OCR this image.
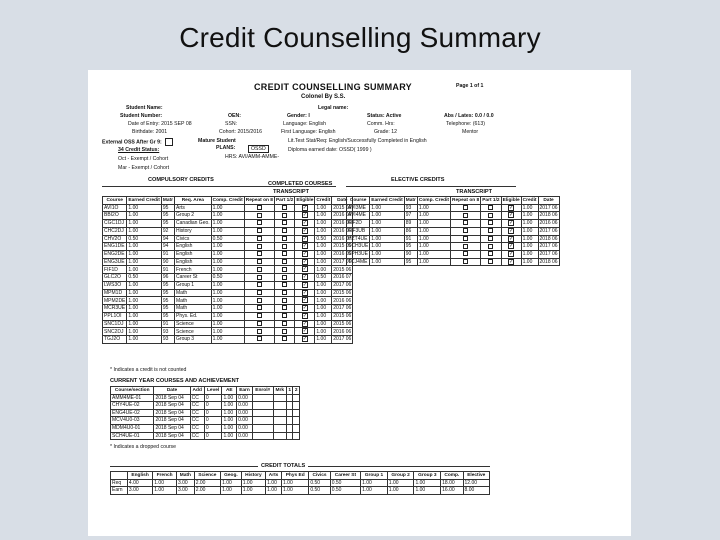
Credit Counselling Summary
CREDIT COUNSELLING SUMMARY
Colonel By S.S.
Page 1 of 1
Student Name:
Student Number:
Date of Entry: 2015 SEP 08
Birthdate: 2001
External OSS After Gr 9:
34 Credit Status:
Oct - Exempt / Cohort
Mar - Exempt / Cohort
OEN:
SSN:
Cohort: 2015/2016
Mature Student
PLANS:	OSSD
HRS: AVI/AMM-AMME-
Legal name:
Gender: I
Language: English
First Language: English
Status: Active
Comm. Hrs:
Grade: 12
Abs / Lates: 0.0 / 0.0
Telephone: (613)
Mentor
Lit.Test Stat/Req: English/Successfully Completed in English
Diploma earned date: OSSD( 1999 )
COMPULSORY CREDITS
COMPLETED COURSES
TRANSCRIPT
Course	Earned Credit	Matr	Req. Area	Comp. Credit	Repeat on 8	Part 1/2	Eligible	Credit	Date
AVI1O	1.00	95	Arts	1.00			✓	1.00	2015 06
BBI2O	1.00	95	Group 2	1.00			✓	1.00	2016 06
CGC1DJ	1.00	95	Canadian Geo.	1.00			✓	1.00	2016 06
CHC2DJ	1.00	92	History	1.00			✓	1.00	2016 06
CHV2O	0.50	94	Civics	0.50			✓	0.50	2016 07
ENG1DE	1.00	94	English	1.00			✓	1.00	2015 06
ENG2DE	1.00	91	English	1.00			✓	1.00	2016 06
ENG3UE	1.00	90	English	1.00			✓	1.00	2017 06
FIF1D	1.00	91	French	1.00			✓	1.00	2015 06
GLC2O	0.50	96	Career St	0.50			✓	0.50	2016 07
LWS3O	1.00	95	Group 1	1.00			✓	1.00	2017 06
MPM1D	1.00	95	Math	1.00			✓	1.00	2015 06
MPM2DE	1.00	95	Math	1.00			✓	1.00	2016 06
MCR3UE	1.00	95	Math	1.00			✓	1.00	2017 06
PPL1OI	1.00	95	Phys. Ed.	1.00			✓	1.00	2015 06
SNC1DJ	1.00	91	Science	1.00			✓	1.00	2015 06
SNC2DJ	1.00	93	Science	1.00			✓	1.00	2016 06
TGJ2O	1.00	93	Group 3	1.00			✓	1.00	2017 06
* Indicates a credit is not counted
ELECTIVE CREDITS
TRANSCRIPT
Course	Earned Credit	Matr	Comp. Credit	Repeat on 8	Part 1/2	Eligible	Credit	Date
AVI3ME	1.00	93	1.00			✓	1.00	2017 06
AVI4ME	1.00	97	1.00			✓	1.00	2018 06
FIF2D	1.00	89	1.00			✓	1.00	2016 06
FIF3UB	1.00	86	1.00			✓	1.00	2017 06
HZT4UE	1.00	91	1.00			✓	1.00	2018 06
SCH3UE	1.00	95	1.00			✓	1.00	2017 06
SPH3UE	1.00	90	1.00			✓	1.00	2017 06
TCJ4ME	1.00	95	1.00			✓	1.00	2018 06
CURRENT YEAR COURSES AND ACHIEVEMENT
Course/section	Date	Add	Level	AE	Earn	Enrol#	Mrk	1	2
AMM4ME-01	2018 Sep 04	CC	0	1.00	0.00				
CHY4UE-02	2018 Sep 04	CC	0	1.00	0.00				
ENG4UE-02	2018 Sep 04	CC	0	1.00	0.00				
MCV4U0-03	2018 Sep 04	CC	0	1.00	0.00				
MDM4U0-01	2018 Sep 04	CC	0	1.00	0.00				
SCH4UE-01	2018 Sep 04	CC	0	1.00	0.00				
* Indicates a dropped course
CREDIT TOTALS
	English	French	Math	Science	Geog.	History	Arts	Phys Ed	Civics	Career St	Group 1	Group 2	Group 3	Comp.	Elective
Req	4.00	1.00	3.00	2.00	1.00	1.00	1.00	1.00	0.50	0.50	1.00	1.00	1.00	18.00	12.00
Earn	3.00	1.00	3.00	2.00	1.00	1.00	1.00	1.00	0.50	0.50	1.00	1.00	1.00	16.00	8.00
